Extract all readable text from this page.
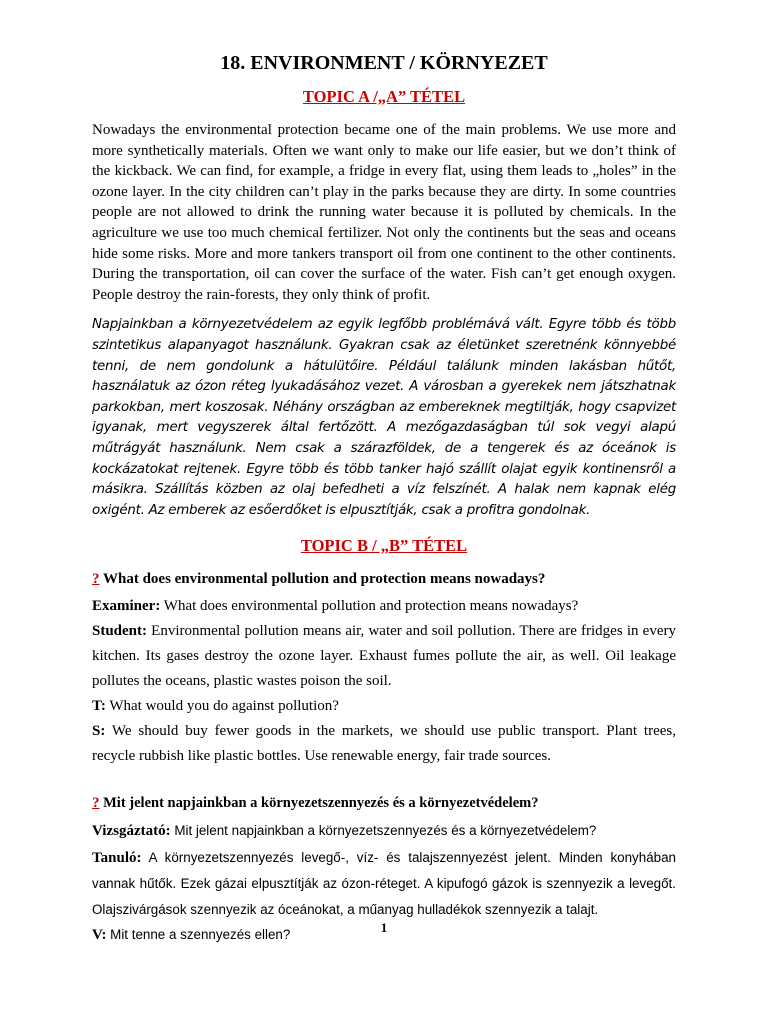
18. ENVIRONMENT / KÖRNYEZET
TOPIC A /„A” TÉTEL

Nowadays the environmental protection became one of the main problems. We use more and more synthetically materials. Often we want only to make our life easier, but we don’t think of the kickback. We can find, for example, a fridge in every flat, using them leads to „holes” in the ozone layer. In the city children can’t play in the parks because they are dirty. In some countries people are not allowed to drink the running water because it is polluted by chemicals. In the agriculture we use too much chemical fertilizer. Not only the continents but the seas and oceans hide some risks. More and more tankers transport oil from one continent to the other continents. During the transportation, oil can cover the surface of the water. Fish can’t get enough oxygen. People destroy the rain-forests, they only think of profit.

Napjainkban a környezetvédelem az egyik legfőbb problémává vált. Egyre több és több szintetikus alapanyagot használunk. Gyakran csak az életünket szeretnénk könnyebbé tenni, de nem gondolunk a hátulütőire. Például találunk minden lakásban hűtőt, használatuk az ózon réteg lyukadásához vezet. A városban a gyerekek nem játszhatnak parkokban, mert koszosak. Néhány országban az embereknek megtiltják, hogy csapvizet igyanak, mert vegyszerek által fertőzött. A mezőgazdaságban túl sok vegyi alapú műtrágyát használunk. Nem csak a szárazföldek, de a tengerek és az óceánok is kockázatokat rejtenek. Egyre több és több tanker hajó szállít olajat egyik kontinensről a másikra. Szállítás közben az olaj befedheti a víz felszínét. A halak nem kapnak elég oxigént. Az emberek az esőerdőket is elpusztítják, csak a profitra gondolnak.

TOPIC B / „B” TÉTEL

? What does environmental pollution and protection means nowadays?

Examiner: What does environmental pollution and protection means nowadays?

Student: Environmental pollution means air, water and soil pollution. There are fridges in every kitchen. Its gases destroy the ozone layer. Exhaust fumes pollute the air, as well. Oil leakage pollutes the oceans, plastic wastes poison the soil.

T: What would you do against pollution?

S: We should buy fewer goods in the markets, we should use public transport. Plant trees, recycle rubbish like plastic bottles. Use renewable energy, fair trade sources.

? Mit jelent napjainkban a környezetszennyezés és a környezetvédelem?

Vizsgáztató: Mit jelent napjainkban a környezetszennyezés és a környezetvédelem?

Tanuló: A környezetszennyezés levegő-, víz- és talajszennyezést jelent. Minden konyhában vannak hűtők. Ezek gázai elpusztítják az ózon-réteget. A kipufogó gázok is szennyezik a levegőt. Olajszivárgások szennyezik az óceánokat, a műanyag hulladékok szennyezik a talajt.

V: Mit tenne a szennyezés ellen?	1
